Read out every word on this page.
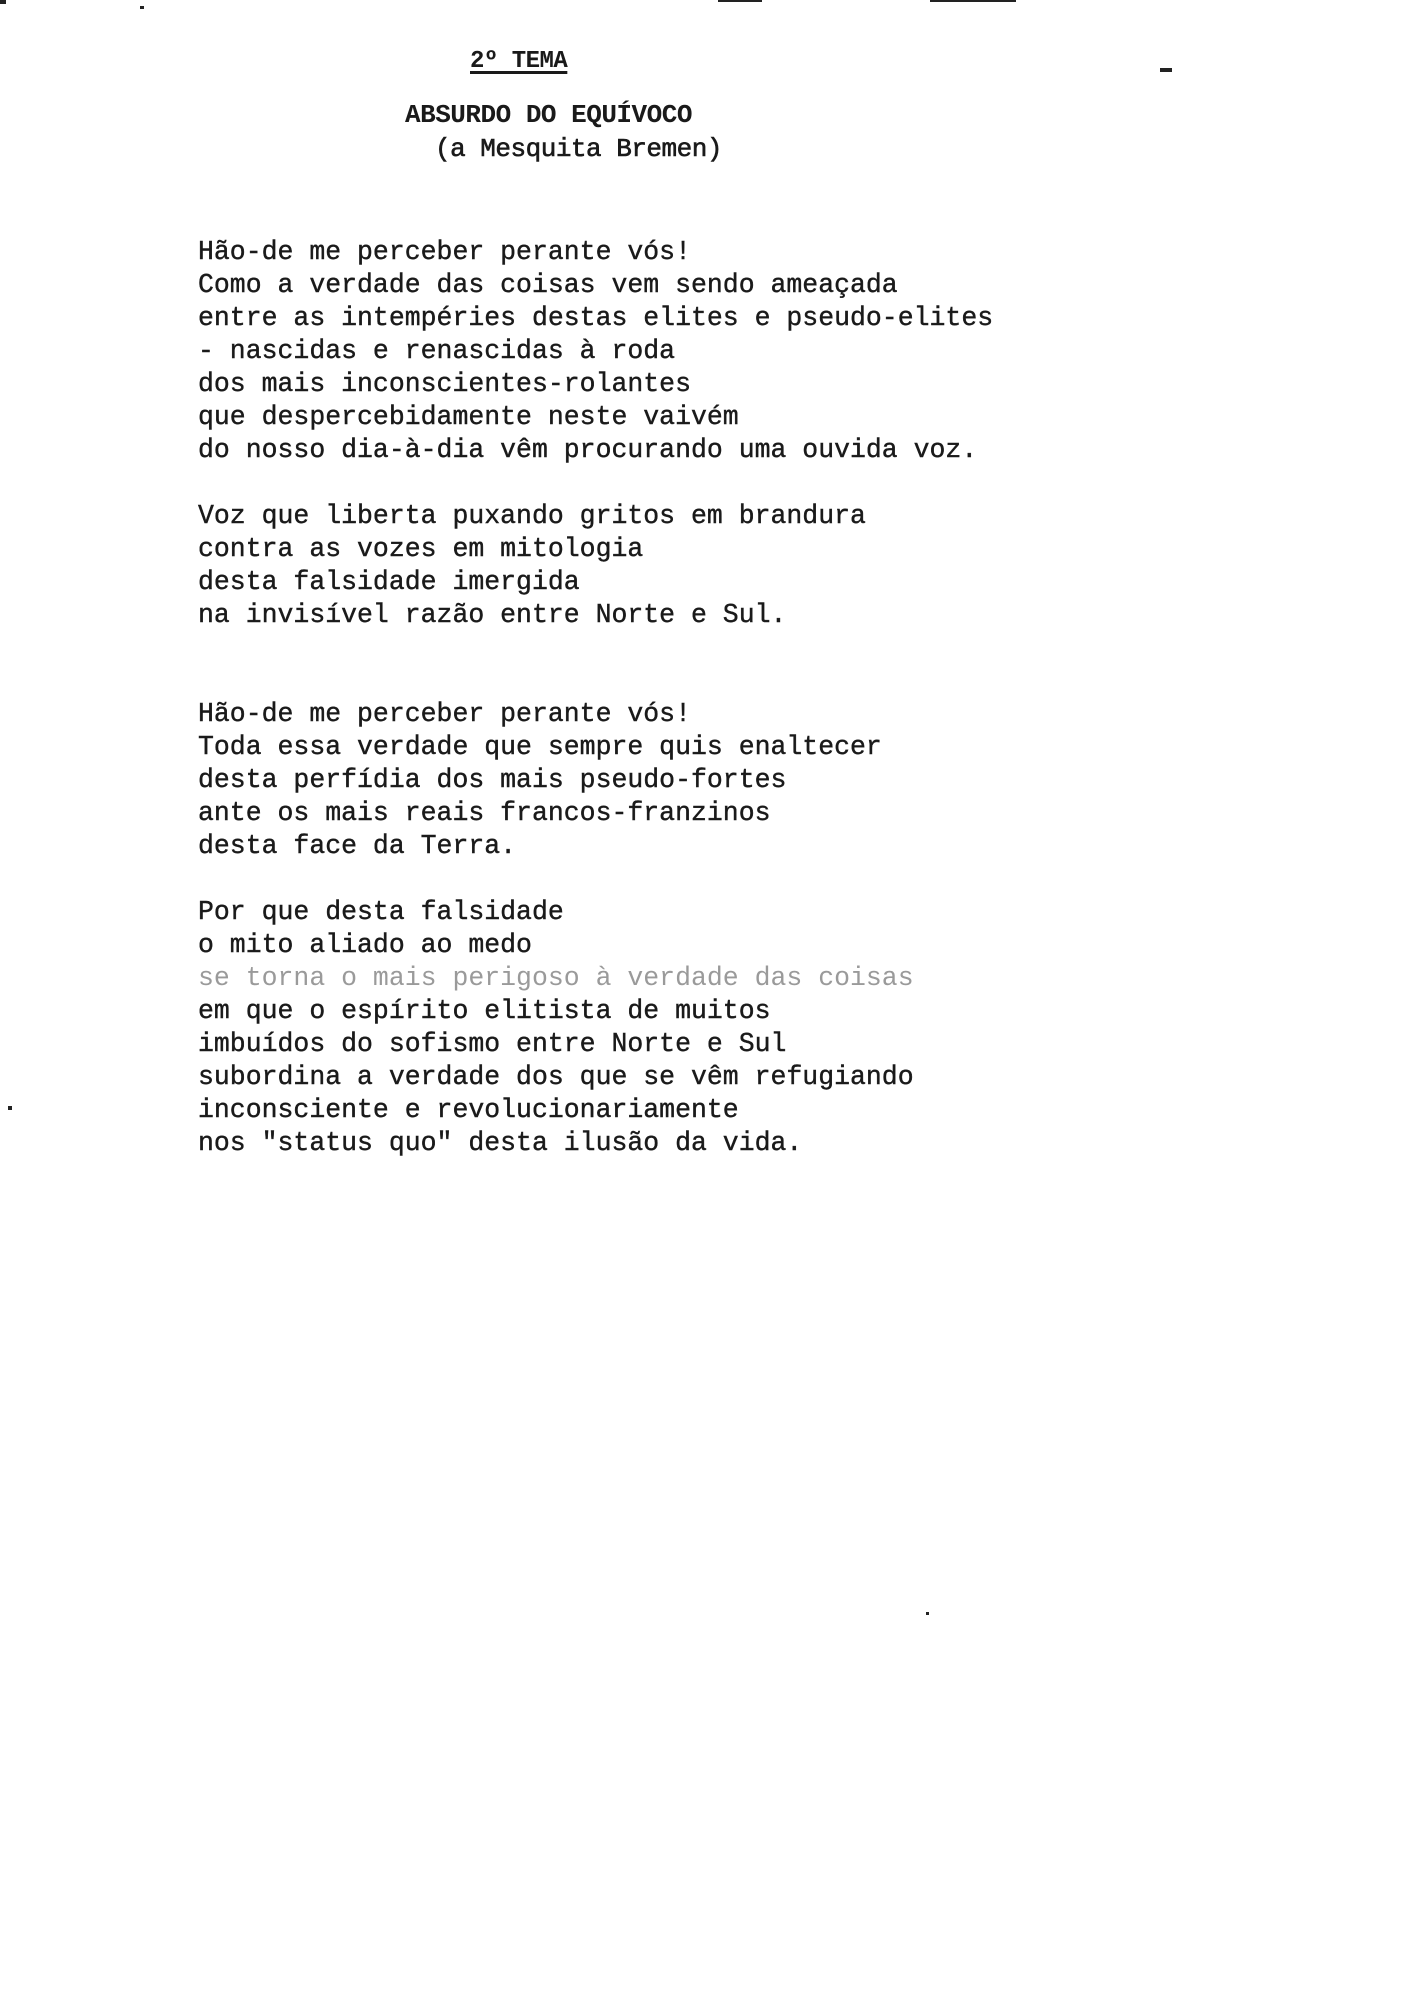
2º TEMA
ABSURDO DO EQUÍVOCO
(a Mesquita Bremen)
Hão-de me perceber perante vós!
Como a verdade das coisas vem sendo ameaçada
entre as intempéries destas elites e pseudo-elites
- nascidas e renascidas à roda
dos mais inconscientes-rolantes
que despercebidamente neste vaivém
do nosso dia-à-dia vêm procurando uma ouvida voz.
Voz que liberta puxando gritos em brandura
contra as vozes em mitologia
desta falsidade imergida
na invisível razão entre Norte e Sul.
Hão-de me perceber perante vós!
Toda essa verdade que sempre quis enaltecer
desta perfídia dos mais pseudo-fortes
ante os mais reais francos-franzinos
desta face da Terra.
Por que desta falsidade
o mito aliado ao medo
se torna o mais perigoso à verdade das coisas
em que o espírito elitista de muitos
imbuídos do sofismo entre Norte e Sul
subordina a verdade dos que se vêm refugiando
inconsciente e revolucionariamente
nos "status quo" desta ilusão da vida.
